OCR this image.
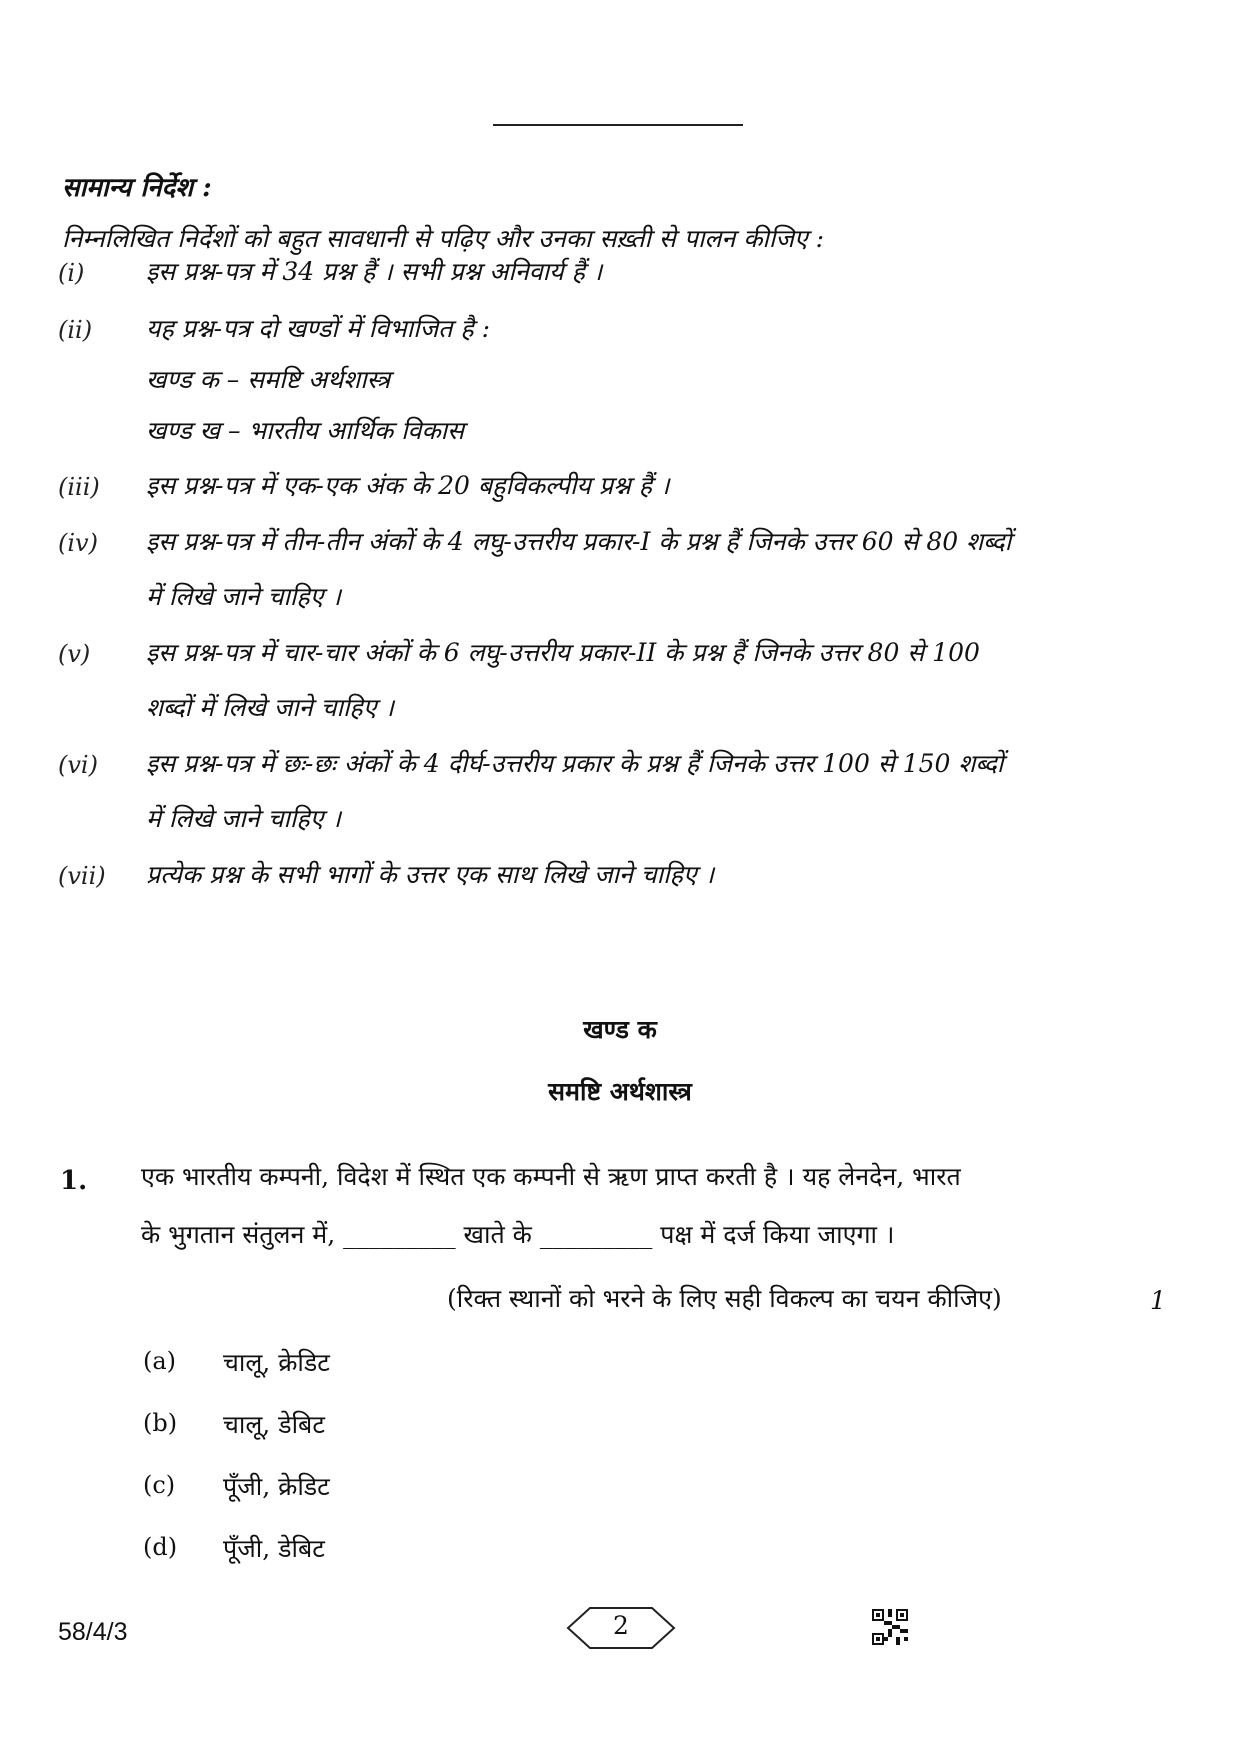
सामान्य निर्देश :
निम्नलिखित निर्देशों को बहुत सावधानी से पढ़िए और उनका सख़्ती से पालन कीजिए :
(i) इस प्रश्न-पत्र में 34 प्रश्न हैं । सभी प्रश्न अनिवार्य हैं ।
(ii) यह प्रश्न-पत्र दो खण्डों में विभाजित है :
खण्ड क – समष्टि अर्थशास्त्र
खण्ड ख – भारतीय आर्थिक विकास
(iii) इस प्रश्न-पत्र में एक-एक अंक के 20 बहुविकल्पीय प्रश्न हैं ।
(iv) इस प्रश्न-पत्र में तीन-तीन अंकों के 4 लघु-उत्तरीय प्रकार-I के प्रश्न हैं जिनके उत्तर 60 से 80 शब्दों
में लिखे जाने चाहिए ।
(v) इस प्रश्न-पत्र में चार-चार अंकों के 6 लघु-उत्तरीय प्रकार-II के प्रश्न हैं जिनके उत्तर 80 से 100
शब्दों में लिखे जाने चाहिए ।
(vi) इस प्रश्न-पत्र में छः-छः अंकों के 4 दीर्घ-उत्तरीय प्रकार के प्रश्न हैं जिनके उत्तर 100 से 150 शब्दों
में लिखे जाने चाहिए ।
(vii) प्रत्येक प्रश्न के सभी भागों के उत्तर एक साथ लिखे जाने चाहिए ।
खण्ड क
समष्टि अर्थशास्त्र
1. एक भारतीय कम्पनी, विदेश में स्थित एक कम्पनी से ऋण प्राप्त करती है । यह लेनदेन, भारत
के भुगतान संतुलन में, _________ खाते के _________ पक्ष में दर्ज किया जाएगा ।
(रिक्त स्थानों को भरने के लिए सही विकल्प का चयन कीजिए)	1
(a) चालू, क्रेडिट
(b) चालू, डेबिट
(c) पूँजी, क्रेडिट
(d) पूँजी, डेबिट
58/4/3	2
